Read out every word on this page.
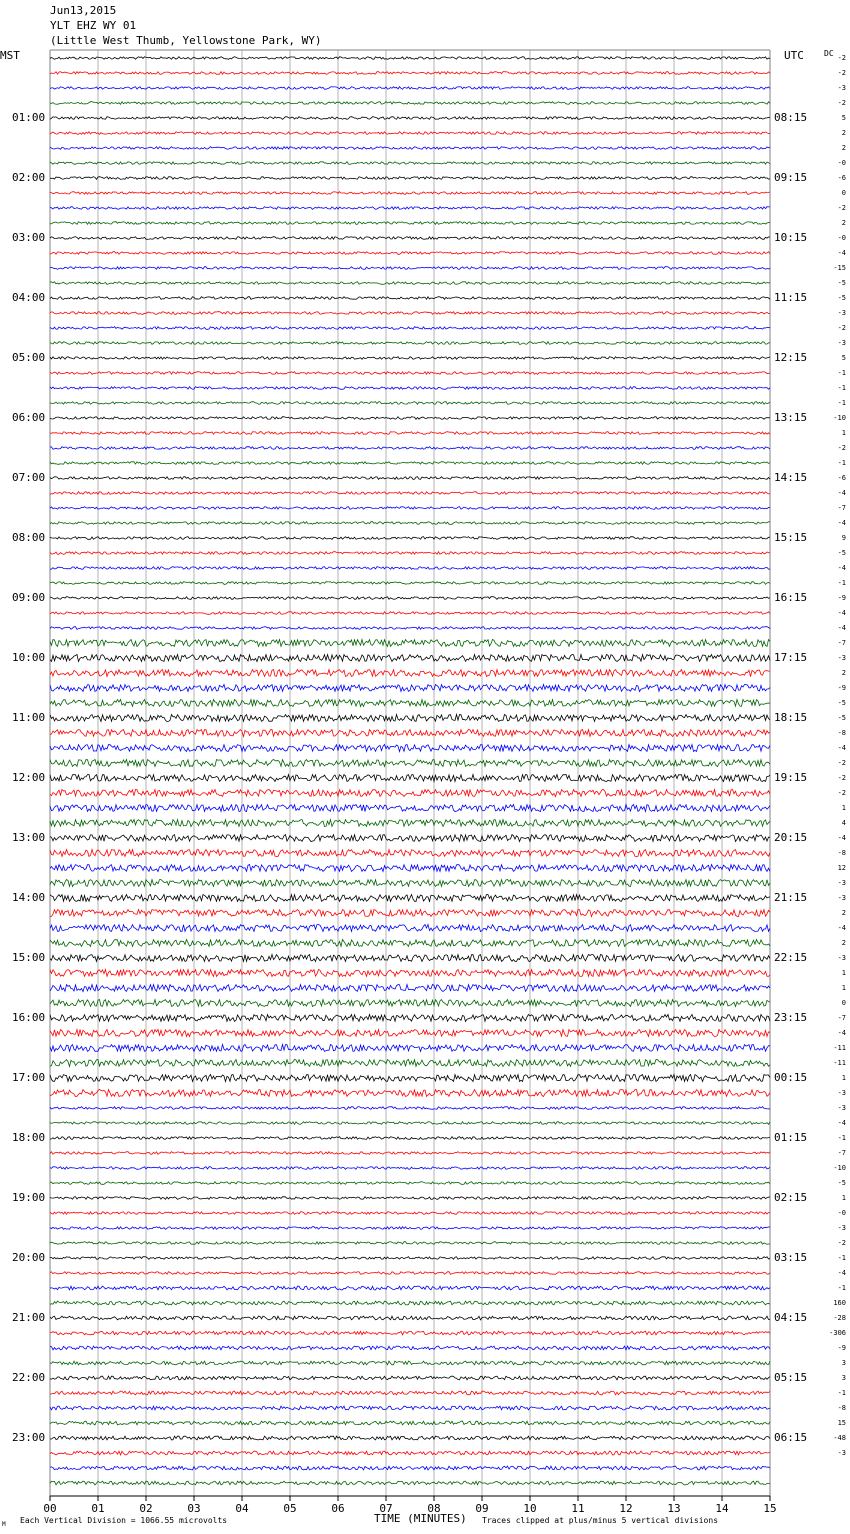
Jun13,2015
YLT EHZ WY 01
(Little West Thumb, Yellowstone Park, WY)
MST	UTC	DC
00	01	02	03	04	05	06	07	08	09	10	11	12	13	14	15
01:00
02:00
03:00
04:00
05:00
06:00
07:00
08:00
09:00
10:00
11:00
12:00
13:00
14:00
15:00
16:00
17:00
18:00
19:00
20:00
21:00
22:00
23:00
08:15
09:15
10:15
11:15
12:15
13:15
14:15
15:15
16:15
17:15
18:15
19:15
20:15
21:15
22:15
23:15
00:15
01:15
02:15
03:15
04:15
05:15
06:15
-2
-2
-3
-2
5
2
2
-0
-6
0
-2
2
-0
-4
-15
-5
-5
-3
-2
-3
5
-1
-1
-1
-10
1
-2
-1
-6
-4
-7
-4
9
-5
-4
-1
-9
-4
-4
-7
-3
2
-9
-5
-5
-8
-4
-2
-2
-2
1
4
-4
-8
12
-3
-3
2
-4
2
-3
1
1
0
-7
-4
-11
-11
1
-3
-3
-4
-1
-7
-10
-5
1
-0
-3
-2
-1
-4
-1
160
-28
-306
-9
3
3
-1
-8
15
-48
-3
M Each Vertical Division = 1066.55 microvolts	TIME (MINUTES) Traces clipped at plus/minus 5 vertical divisions
